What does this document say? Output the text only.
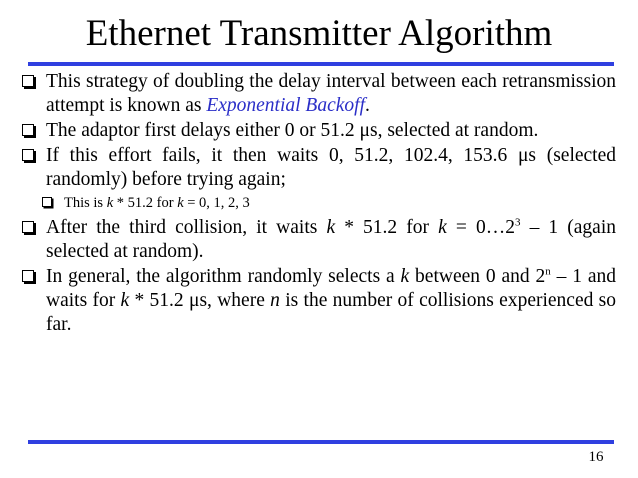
Ethernet Transmitter Algorithm
This strategy of doubling the delay interval between each retransmission attempt is known as Exponential Backoff.
The adaptor first delays either 0 or 51.2 μs, selected at random.
If this effort fails, it then waits 0, 51.2, 102.4, 153.6 μs (selected randomly) before trying again;
This is k * 51.2 for k = 0, 1, 2, 3
After the third collision, it waits k * 51.2 for $k = 0\dots 2^3 - 1$ (again selected at random).
In general, the algorithm randomly selects a k between 0 and 2$^n$ – 1 and waits for k * 51.2 μs, where n is the number of collisions experienced so far.
16
